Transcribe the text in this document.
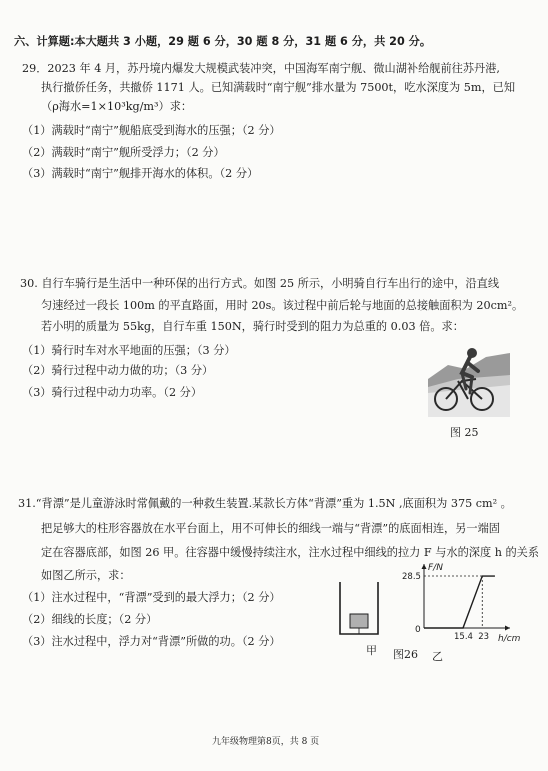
六、计算题:本大题共 3 小题，29 题 6 分，30 题 8 分，31 题 6 分，共 20 分。
29．2023 年 4 月，苏丹境内爆发大规模武装冲突，中国海军南宁舰、微山湖补给舰前往苏丹港,
执行撤侨任务，共撤侨 1171 人。已知满载时“南宁舰”排水量为 7500t，吃水深度为 5m，已知
（ρ海水=1×10³kg/m³）求：
（1）满载时“南宁”舰船底受到海水的压强；（2 分）
（2）满载时“南宁”舰所受浮力；（2 分）
（3）满载时“南宁”舰排开海水的体积。（2 分）
30. 自行车骑行是生活中一种环保的出行方式。如图 25 所示，小明骑自行车出行的途中，沿直线
匀速经过一段长 100m 的平直路面，用时 20s。该过程中前后轮与地面的总接触面积为 20cm²。
若小明的质量为 55kg，自行车重 150N，骑行时受到的阻力为总重的 0.03 倍。求：
（1）骑行时车对水平地面的压强；（3 分）
（2）骑行过程中动力做的功；（3 分）
（3）骑行过程中动力功率。（2 分）
图 25
31.“背漂”是儿童游泳时常佩戴的一种救生装置.某款长方体“背漂”重为 1.5N ,底面积为 375 cm² 。
把足够大的柱形容器放在水平台面上，用不可伸长的细线一端与“背漂”的底面相连，另一端固
定在容器底部，如图 26 甲。往容器中缓慢持续注水，注水过程中细线的拉力 F 与水的深度 h 的关系
如图乙所示，求：
（1）注水过程中，“背漂”受到的最大浮力；（2 分）
（2）细线的长度；（2 分）
（3）注水过程中，浮力对“背漂”所做的功。（2 分）
甲 图26 乙
F/N
h/cm
0
28.5
15.4 23
九年级物理第8页，共 8 页
